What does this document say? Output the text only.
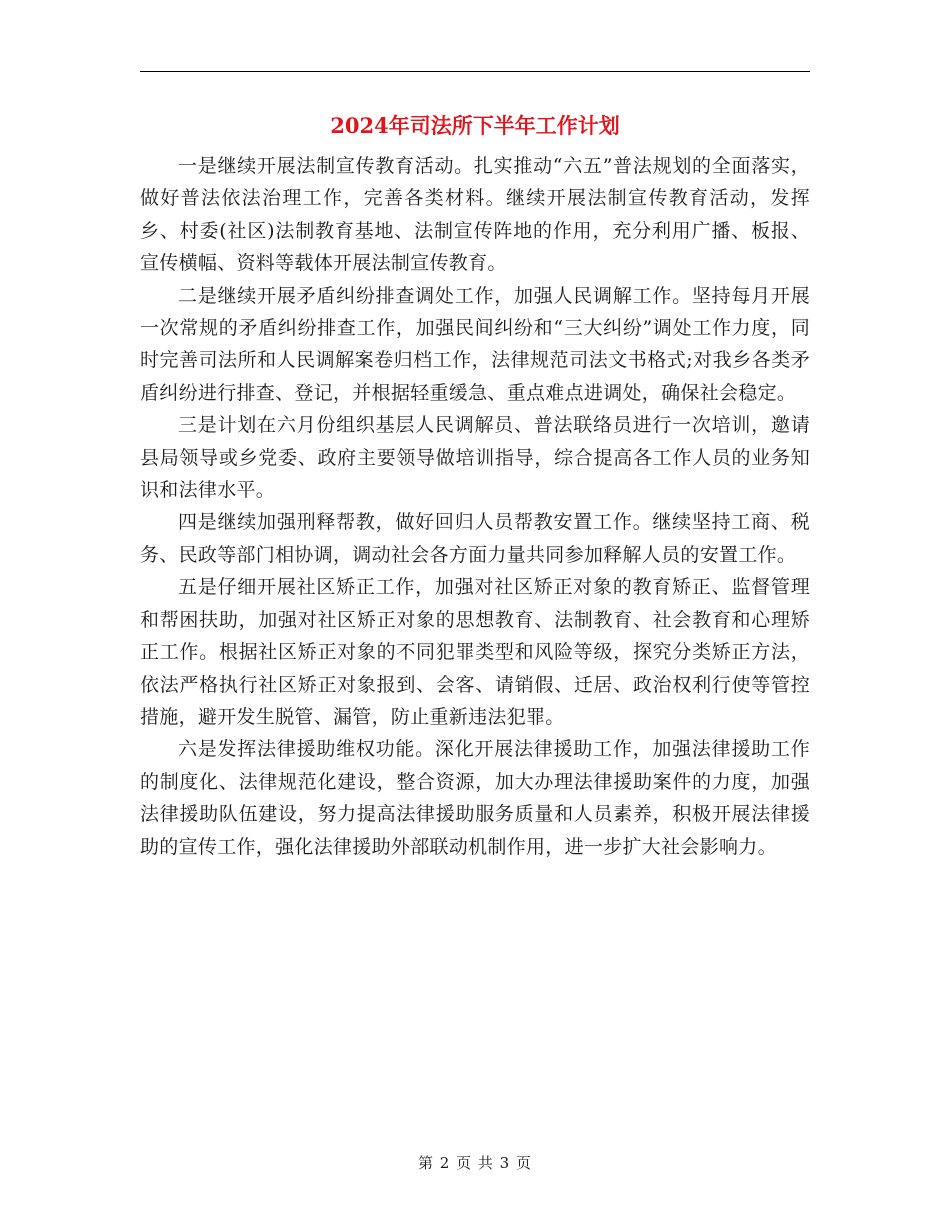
2024年司法所下半年工作计划

一是继续开展法制宣传教育活动。扎实推动“六五”普法规划的全面落实，做好普法依法治理工作，完善各类材料。继续开展法制宣传教育活动，发挥乡、村委(社区)法制教育基地、法制宣传阵地的作用，充分利用广播、板报、宣传横幅、资料等载体开展法制宣传教育。

二是继续开展矛盾纠纷排查调处工作，加强人民调解工作。坚持每月开展一次常规的矛盾纠纷排查工作，加强民间纠纷和“三大纠纷”调处工作力度，同时完善司法所和人民调解案卷归档工作，法律规范司法文书格式;对我乡各类矛盾纠纷进行排查、登记，并根据轻重缓急、重点难点进调处，确保社会稳定。

三是计划在六月份组织基层人民调解员、普法联络员进行一次培训，邀请县局领导或乡党委、政府主要领导做培训指导，综合提高各工作人员的业务知识和法律水平。

四是继续加强刑释帮教，做好回归人员帮教安置工作。继续坚持工商、税务、民政等部门相协调，调动社会各方面力量共同参加释解人员的安置工作。

五是仔细开展社区矫正工作，加强对社区矫正对象的教育矫正、监督管理和帮困扶助，加强对社区矫正对象的思想教育、法制教育、社会教育和心理矫正工作。根据社区矫正对象的不同犯罪类型和风险等级，探究分类矫正方法，依法严格执行社区矫正对象报到、会客、请销假、迁居、政治权利行使等管控措施，避开发生脱管、漏管，防止重新违法犯罪。

六是发挥法律援助维权功能。深化开展法律援助工作，加强法律援助工作的制度化、法律规范化建设，整合资源，加大办理法律援助案件的力度，加强法律援助队伍建设，努力提高法律援助服务质量和人员素养，积极开展法律援助的宣传工作，强化法律援助外部联动机制作用，进一步扩大社会影响力。

第 2 页 共 3 页
